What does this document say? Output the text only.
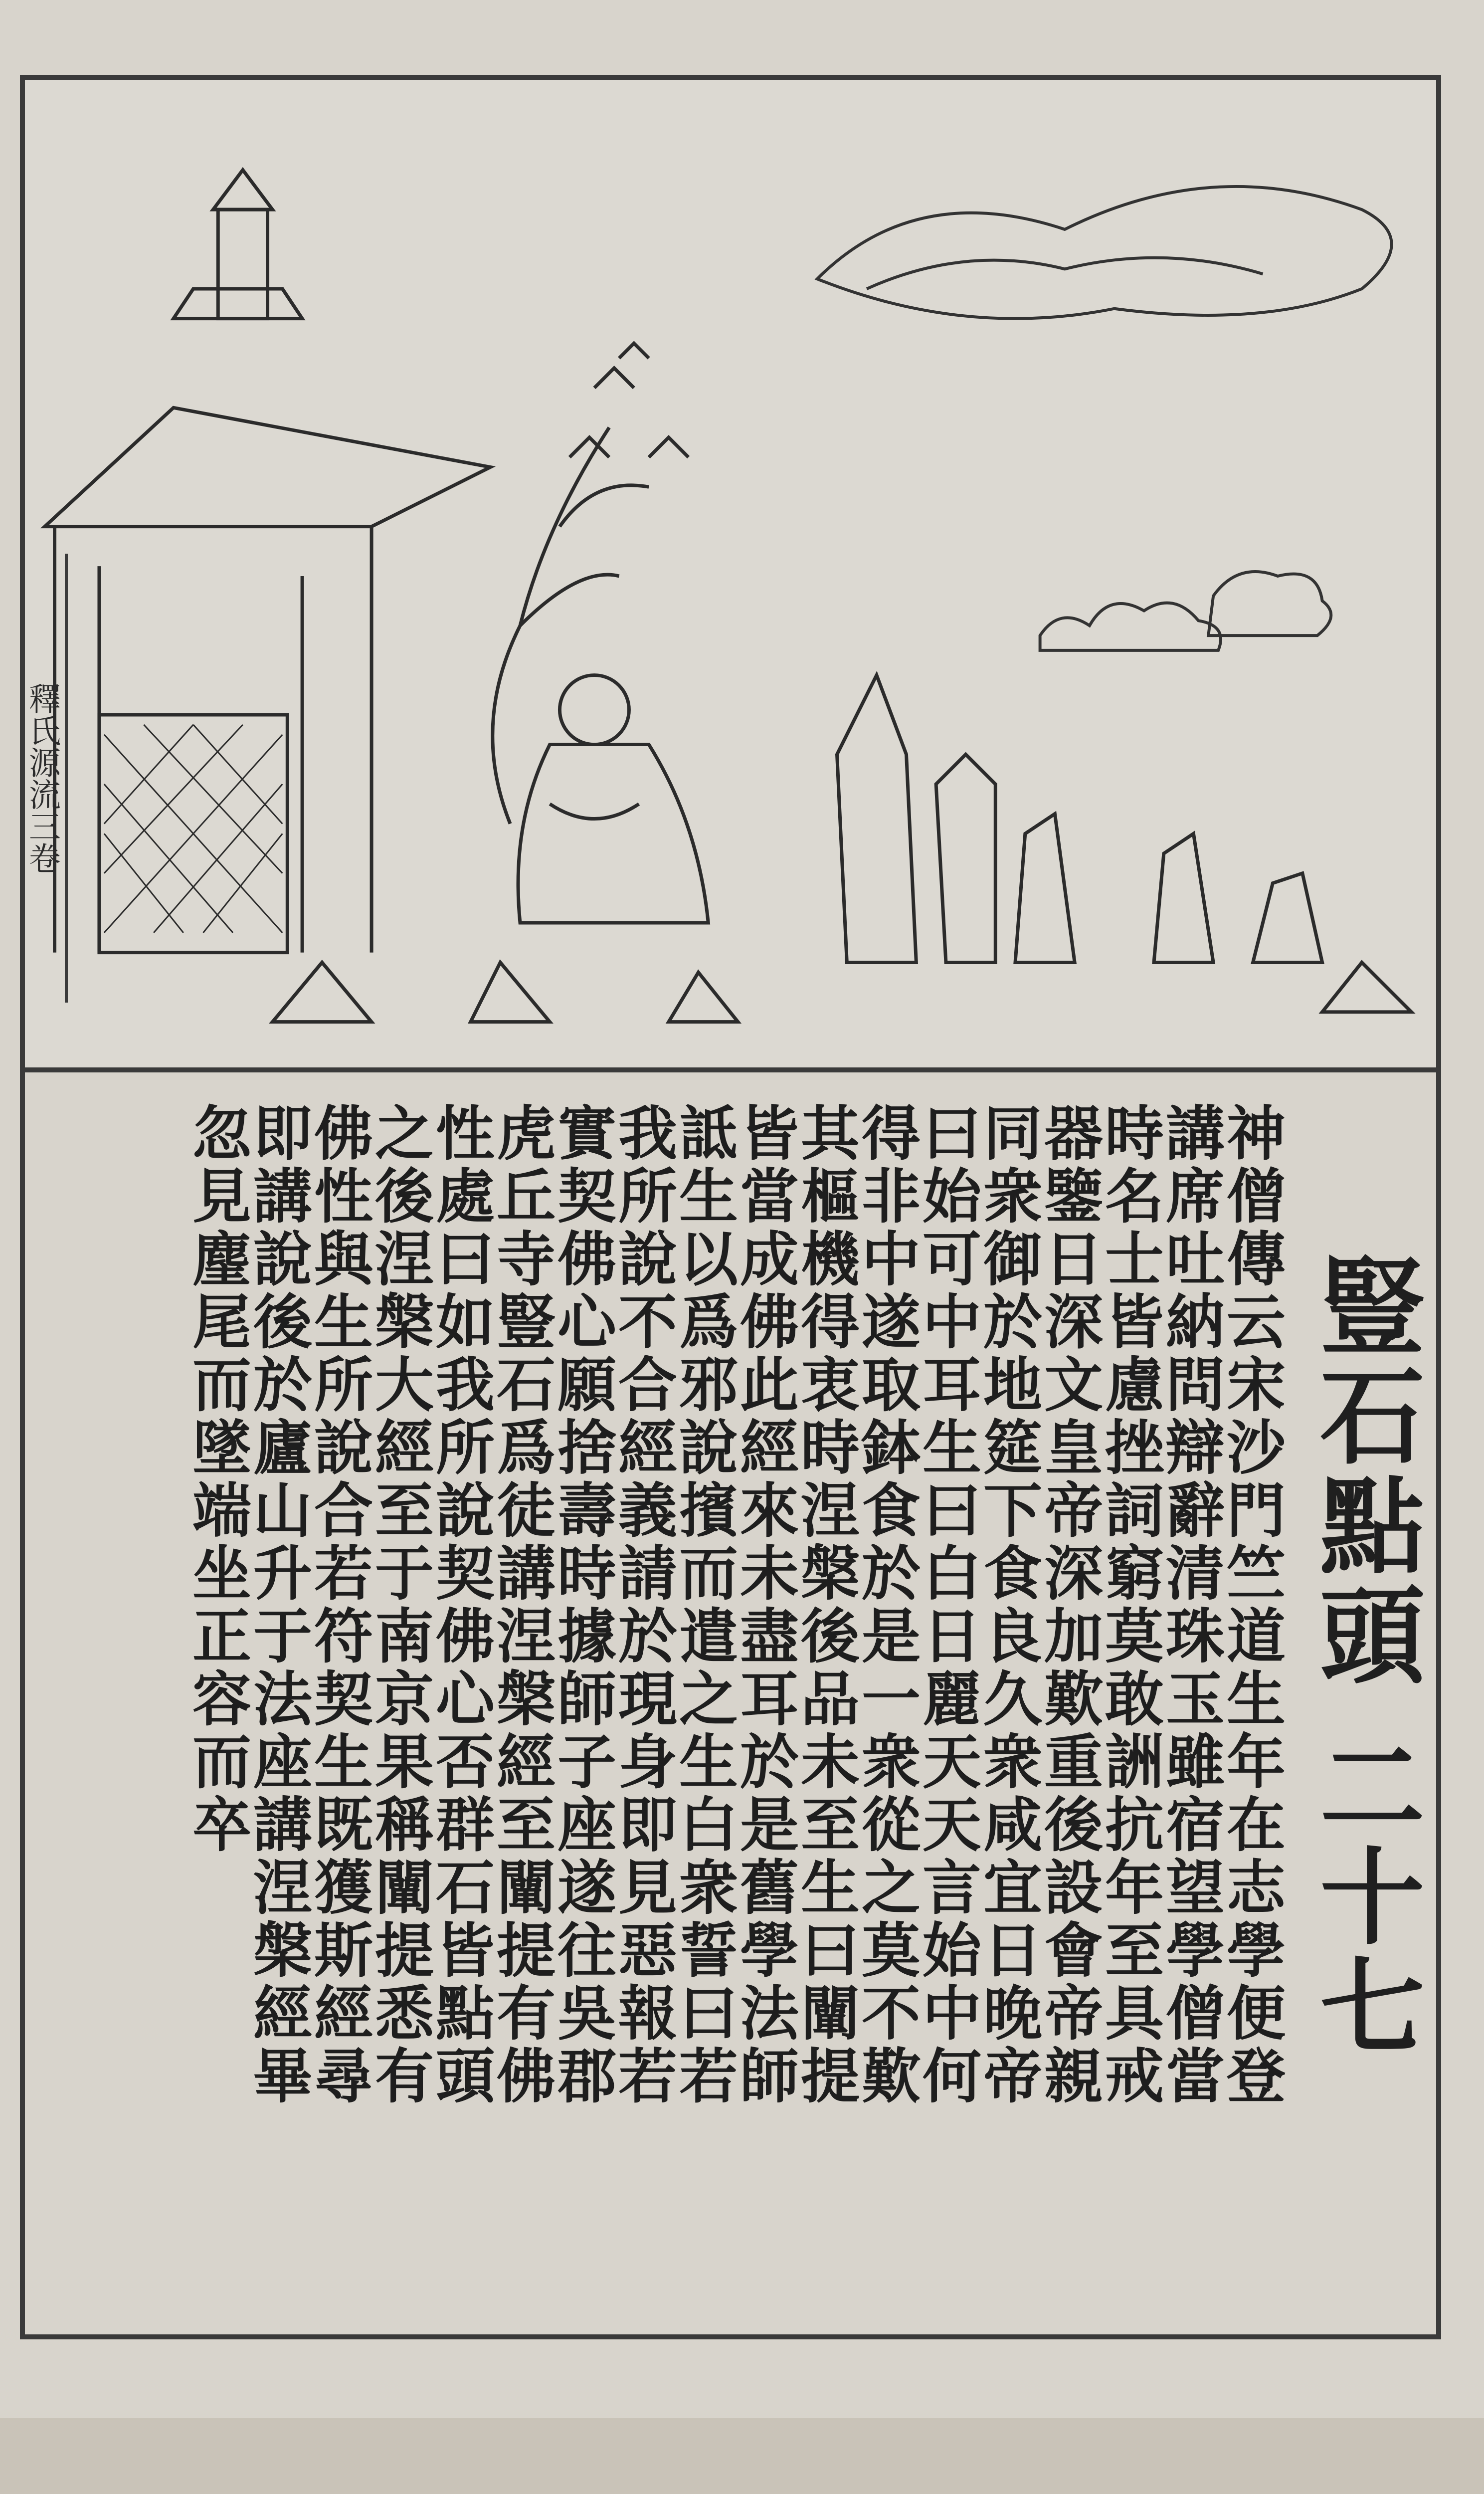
釋氏源流三卷
豎石點頭 二十七
神僧傳云宋沙門竺道生年在志學便登
講席吐納問辯辭清珠玉雖宿望學僧當
時名士皆慮挫詞窮莫敢詶抗年至具戒
器鑒日深文皇帝深加歎重後設會帝親
同衆御於地筵下食良久衆咸宜日晚帝
曰始可中耳生曰白日麗天天言始中何
得非中遂取鉢食於是一衆從之莫不歎
其樞機得衷時涅槃後品未至生曰闡提
皆當成佛此經來未盡耳於是舊學法師
詆生以爲邪說擯而遣之生白衆誓曰若
我所說不合經義請於現身即見惡報若
實契佛心願捨壽時據師子座遂往吳郡
虎丘寺豎石爲徒講涅槃經至闡提有佛
性處曰如我所說契佛心否群石皆點頭
之後涅槃大經至于南京果稱闡提悉有
佛性與生所說合若符契生既獲斯經尋
即講說後於廬山升于法座講涅槃經畢
忽見麈尾而墜端坐正容而卒
